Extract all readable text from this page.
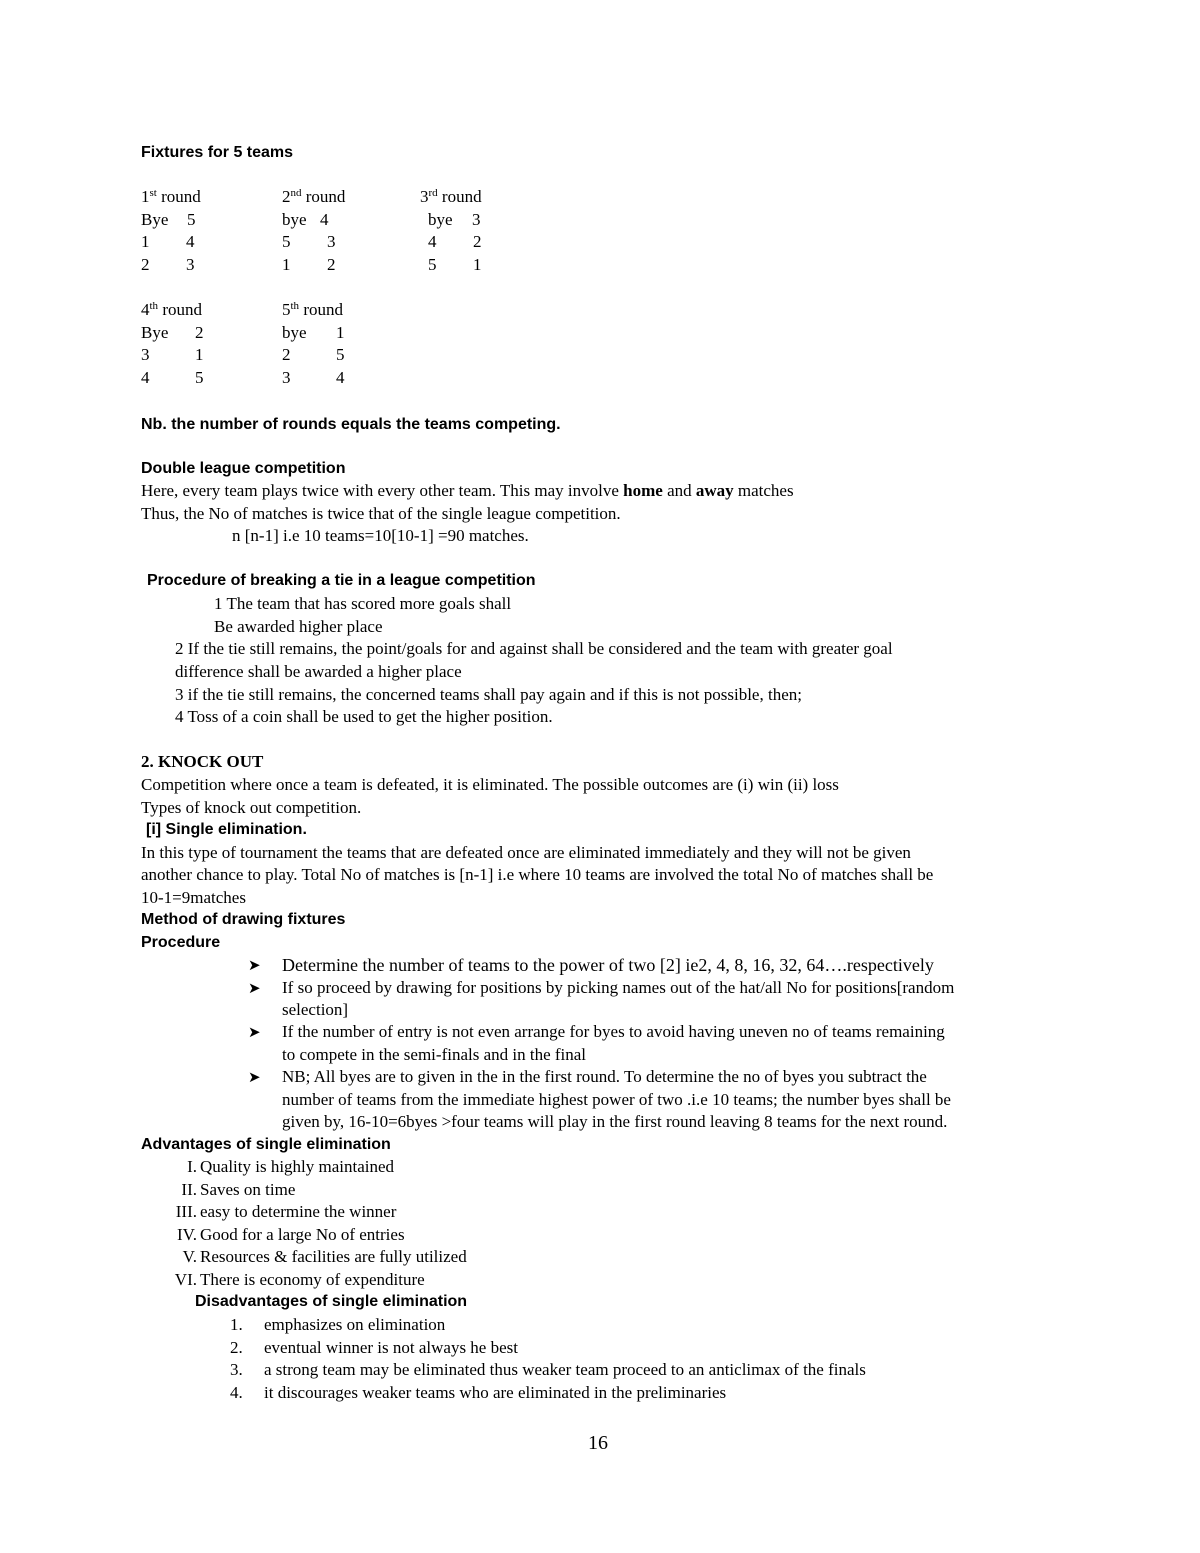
Fixtures for 5 teams
1st round
Bye 5
1 4
2 3
2nd round
bye 4
5 3
1 2
3rd round
bye 3
4 2
5 1
4th round
Bye 2
3	1
4	5
5th round
bye 1
2	5
3	4
Nb. the number of rounds equals the teams competing.
Double league competition
Here, every team plays twice with every other team. This may involve home and away matches
Thus, the No of matches is twice that of the single league competition.
n [n-1] i.e 10 teams=10[10-1] =90 matches.
Procedure of breaking a tie in a league competition
1 The team that has scored more goals shall
Be awarded higher place
2 If the tie still remains, the point/goals for and against shall be considered and the team with greater goal
difference shall be awarded a higher place
3 if the tie still remains, the concerned teams shall pay again and if this is not possible, then;
4 Toss of a coin shall be used to get the higher position.
2. KNOCK OUT
Competition where once a team is defeated, it is eliminated. The possible outcomes are (i) win (ii) loss
Types of knock out competition.
[i] Single elimination.
In this type of tournament the teams that are defeated once are eliminated immediately and they will not be given
another chance to play. Total No of matches is [n-1] i.e where 10 teams are involved the total No of matches shall be
10-1=9matches
Method of drawing fixtures
Procedure
➤ Determine the number of teams to the power of two [2] ie2, 4, 8, 16, 32, 64….respectively
➤ If so proceed by drawing for positions by picking names out of the hat/all No for positions[random
selection]
➤ If the number of entry is not even arrange for byes to avoid having uneven no of teams remaining
to compete in the semi-finals and in the final
➤ NB; All byes are to given in the in the first round. To determine the no of byes you subtract the
number of teams from the immediate highest power of two .i.e 10 teams; the number byes shall be
given by, 16-10=6byes >four teams will play in the first round leaving 8 teams for the next round.
Advantages of single elimination
I. Quality is highly maintained
II. Saves on time
III. easy to determine the winner
IV. Good for a large No of entries
V. Resources & facilities are fully utilized
VI. There is economy of expenditure
Disadvantages of single elimination
1. emphasizes on elimination
2. eventual winner is not always he best
3. a strong team may be eliminated thus weaker team proceed to an anticlimax of the finals
4. it discourages weaker teams who are eliminated in the preliminaries
16
